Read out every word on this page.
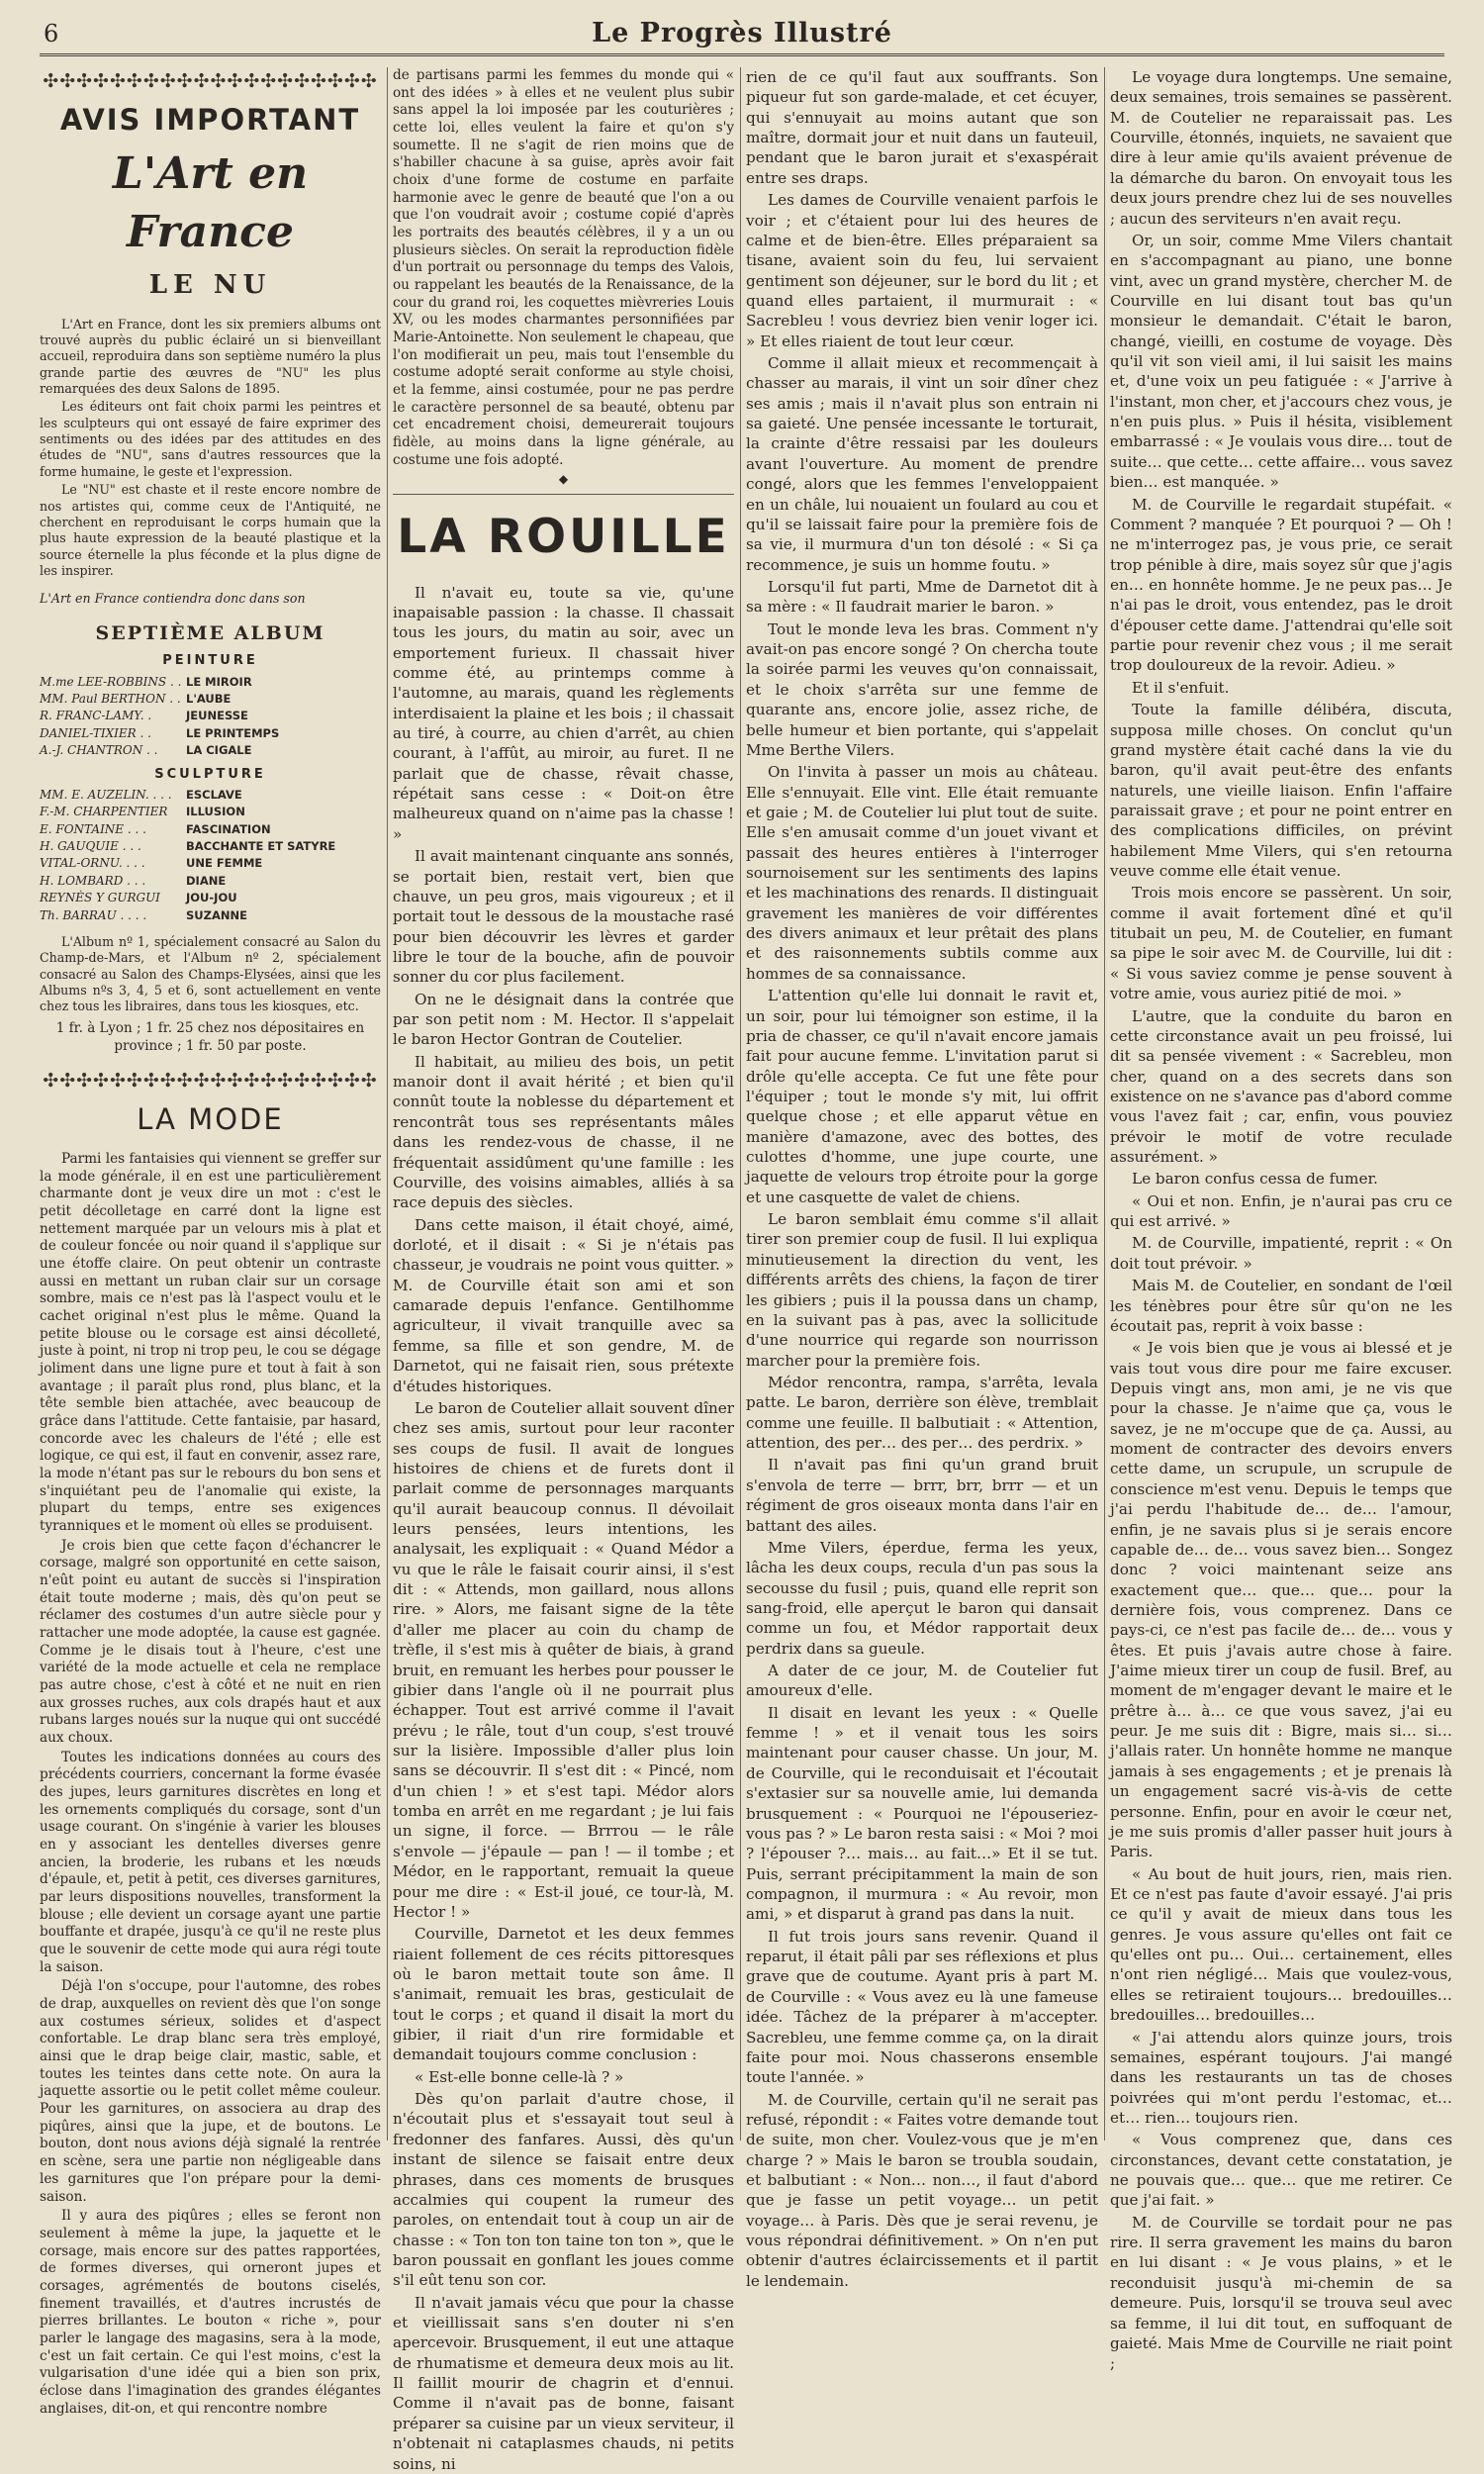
6	Le Progrès Illustré
✣✣✣✣✣✣✣✣✣✣✣✣✣✣✣✣✣✣✣✣
AVIS IMPORTANT
L'Art en France
LE NU

L'Art en France, dont les six premiers albums ont trouvé auprès du public éclairé un si bienveillant accueil, reproduira dans son septième numéro la plus grande partie des œuvres de "NU" les plus remarquées des deux Salons de 1895.

Les éditeurs ont fait choix parmi les peintres et les sculpteurs qui ont essayé de faire exprimer des sentiments ou des idées par des attitudes en des études de "NU", sans d'autres ressources que la forme humaine, le geste et l'expression.

Le "NU" est chaste et il reste encore nombre de nos artistes qui, comme ceux de l'Antiquité, ne cherchent en reproduisant le corps humain que la plus haute expression de la beauté plastique et la source éternelle la plus féconde et la plus digne de les inspirer.

L'Art en France contiendra donc dans son
SEPTIÈME ALBUM
PEINTURE
M.me LEE-ROBBINS . . LE MIROIR
MM. Paul BERTHON . . L'AUBE
R. FRANC-LAMY. .	JEUNESSE
DANIEL-TIXIER . .	LE PRINTEMPS
A.-J. CHANTRON . .	LA CIGALE
SCULPTURE
MM. E. AUZELIN. . . .	ESCLAVE
F.-M. CHARPENTIER	ILLUSION
E. FONTAINE . . .	FASCINATION
H. GAUQUIE . . .	BACCHANTE ET SATYRE
VITAL-ORNU. . . .	UNE FEMME
H. LOMBARD . . .	DIANE
REYNÈS Y GURGUI	JOU-JOU
Th. BARRAU . . . .	SUZANNE

L'Album nº 1, spécialement consacré au Salon du Champ-de-Mars, et l'Album nº 2, spécialement consacré au Salon des Champs-Elysées, ainsi que les Albums nºs 3, 4, 5 et 6, sont actuellement en vente chez tous les libraires, dans tous les kiosques, etc.

1 fr. à Lyon ; 1 fr. 25 chez nos dépositaires en province ; 1 fr. 50 par poste.
✣✣✣✣✣✣✣✣✣✣✣✣✣✣✣✣✣✣✣✣
LA MODE

Parmi les fantaisies qui viennent se greffer sur la mode générale, il en est une particulièrement charmante dont je veux dire un mot : c'est le petit décolletage en carré dont la ligne est nettement marquée par un velours mis à plat et de couleur foncée ou noir quand il s'applique sur une étoffe claire. On peut obtenir un contraste aussi en mettant un ruban clair sur un corsage sombre, mais ce n'est pas là l'aspect voulu et le cachet original n'est plus le même. Quand la petite blouse ou le corsage est ainsi décolleté, juste à point, ni trop ni trop peu, le cou se dégage joliment dans une ligne pure et tout à fait à son avantage ; il paraît plus rond, plus blanc, et la tête semble bien attachée, avec beaucoup de grâce dans l'attitude. Cette fantaisie, par hasard, concorde avec les chaleurs de l'été ; elle est logique, ce qui est, il faut en convenir, assez rare, la mode n'étant pas sur le rebours du bon sens et s'inquiétant peu de l'anomalie qui existe, la plupart du temps, entre ses exigences tyranniques et le moment où elles se produisent.

Je crois bien que cette façon d'échancrer le corsage, malgré son opportunité en cette saison, n'eût point eu autant de succès si l'inspiration était toute moderne ; mais, dès qu'on peut se réclamer des costumes d'un autre siècle pour y rattacher une mode adoptée, la cause est gagnée. Comme je le disais tout à l'heure, c'est une variété de la mode actuelle et cela ne remplace pas autre chose, c'est à côté et ne nuit en rien aux grosses ruches, aux cols drapés haut et aux rubans larges noués sur la nuque qui ont succédé aux choux.

Toutes les indications données au cours des précédents courriers, concernant la forme évasée des jupes, leurs garnitures discrètes en long et les ornements compliqués du corsage, sont d'un usage courant. On s'ingénie à varier les blouses en y associant les dentelles diverses genre ancien, la broderie, les rubans et les nœuds d'épaule, et, petit à petit, ces diverses garnitures, par leurs dispositions nouvelles, transforment la blouse ; elle devient un corsage ayant une partie bouffante et drapée, jusqu'à ce qu'il ne reste plus que le souvenir de cette mode qui aura régi toute la saison.

Déjà l'on s'occupe, pour l'automne, des robes de drap, auxquelles on revient dès que l'on songe aux costumes sérieux, solides et d'aspect confortable. Le drap blanc sera très employé, ainsi que le drap beige clair, mastic, sable, et toutes les teintes dans cette note. On aura la jaquette assortie ou le petit collet même couleur. Pour les garnitures, on associera au drap des piqûres, ainsi que la jupe, et de boutons. Le bouton, dont nous avions déjà signalé la rentrée en scène, sera une partie non négligeable dans les garnitures que l'on prépare pour la demi-saison.

Il y aura des piqûres ; elles se feront non seulement à même la jupe, la jaquette et le corsage, mais encore sur des pattes rapportées, de formes diverses, qui orneront jupes et corsages, agrémentés de boutons ciselés, finement travaillés, et d'autres incrustés de pierres brillantes. Le bouton « riche », pour parler le langage des magasins, sera à la mode, c'est un fait certain. Ce qui l'est moins, c'est la vulgarisation d'une idée qui a bien son prix, éclose dans l'imagination des grandes élégantes anglaises, dit-on, et qui rencontre nombre

de partisans parmi les femmes du monde qui « ont des idées » à elles et ne veulent plus subir sans appel la loi imposée par les couturières ; cette loi, elles veulent la faire et qu'on s'y soumette. Il ne s'agit de rien moins que de s'habiller chacune à sa guise, après avoir fait choix d'une forme de costume en parfaite harmonie avec le genre de beauté que l'on a ou que l'on voudrait avoir ; costume copié d'après les portraits des beautés célèbres, il y a un ou plusieurs siècles. On serait la reproduction fidèle d'un portrait ou personnage du temps des Valois, ou rappelant les beautés de la Renaissance, de la cour du grand roi, les coquettes mièvreries Louis XV, ou les modes charmantes personnifiées par Marie-Antoinette. Non seulement le chapeau, que l'on modifierait un peu, mais tout l'ensemble du costume adopté serait conforme au style choisi, et la femme, ainsi costumée, pour ne pas perdre le caractère personnel de sa beauté, obtenu par cet encadrement choisi, demeurerait toujours fidèle, au moins dans la ligne générale, au costume une fois adopté.

◆
LA ROUILLE

Il n'avait eu, toute sa vie, qu'une inapaisable passion : la chasse. Il chassait tous les jours, du matin au soir, avec un emportement furieux. Il chassait hiver comme été, au printemps comme à l'automne, au marais, quand les règlements interdisaient la plaine et les bois ; il chassait au tiré, à courre, au chien d'arrêt, au chien courant, à l'affût, au miroir, au furet. Il ne parlait que de chasse, rêvait chasse, répétait sans cesse : « Doit-on être malheureux quand on n'aime pas la chasse ! »

Il avait maintenant cinquante ans sonnés, se portait bien, restait vert, bien que chauve, un peu gros, mais vigoureux ; et il portait tout le dessous de la moustache rasé pour bien découvrir les lèvres et garder libre le tour de la bouche, afin de pouvoir sonner du cor plus facilement.

On ne le désignait dans la contrée que par son petit nom : M. Hector. Il s'appelait le baron Hector Gontran de Coutelier.

Il habitait, au milieu des bois, un petit manoir dont il avait hérité ; et bien qu'il connût toute la noblesse du département et rencontrât tous ses représentants mâles dans les rendez-vous de chasse, il ne fréquentait assidûment qu'une famille : les Courville, des voisins aimables, alliés à sa race depuis des siècles.

Dans cette maison, il était choyé, aimé, dorloté, et il disait : « Si je n'étais pas chasseur, je voudrais ne point vous quitter. » M. de Courville était son ami et son camarade depuis l'enfance. Gentilhomme agriculteur, il vivait tranquille avec sa femme, sa fille et son gendre, M. de Darnetot, qui ne faisait rien, sous prétexte d'études historiques.

Le baron de Coutelier allait souvent dîner chez ses amis, surtout pour leur raconter ses coups de fusil. Il avait de longues histoires de chiens et de furets dont il parlait comme de personnages marquants qu'il aurait beaucoup connus. Il dévoilait leurs pensées, leurs intentions, les analysait, les expliquait : « Quand Médor a vu que le râle le faisait courir ainsi, il s'est dit : « Attends, mon gaillard, nous allons rire. » Alors, me faisant signe de la tête d'aller me placer au coin du champ de trèfle, il s'est mis à quêter de biais, à grand bruit, en remuant les herbes pour pousser le gibier dans l'angle où il ne pourrait plus échapper. Tout est arrivé comme il l'avait prévu ; le râle, tout d'un coup, s'est trouvé sur la lisière. Impossible d'aller plus loin sans se découvrir. Il s'est dit : « Pincé, nom d'un chien ! » et s'est tapi. Médor alors tomba en arrêt en me regardant ; je lui fais un signe, il force. — Brrrou — le râle s'envole — j'épaule — pan ! — il tombe ; et Médor, en le rapportant, remuait la queue pour me dire : « Est-il joué, ce tour-là, M. Hector ! »

Courville, Darnetot et les deux femmes riaient follement de ces récits pittoresques où le baron mettait toute son âme. Il s'animait, remuait les bras, gesticulait de tout le corps ; et quand il disait la mort du gibier, il riait d'un rire formidable et demandait toujours comme conclusion :

« Est-elle bonne celle-là ? »

Dès qu'on parlait d'autre chose, il n'écoutait plus et s'essayait tout seul à fredonner des fanfares. Aussi, dès qu'un instant de silence se faisait entre deux phrases, dans ces moments de brusques accalmies qui coupent la rumeur des paroles, on entendait tout à coup un air de chasse : « Ton ton ton taine ton ton », que le baron poussait en gonflant les joues comme s'il eût tenu son cor.

Il n'avait jamais vécu que pour la chasse et vieillissait sans s'en douter ni s'en apercevoir. Brusquement, il eut une attaque de rhumatisme et demeura deux mois au lit. Il faillit mourir de chagrin et d'ennui. Comme il n'avait pas de bonne, faisant préparer sa cuisine par un vieux serviteur, il n'obtenait ni cataplasmes chauds, ni petits soins, ni

rien de ce qu'il faut aux souffrants. Son piqueur fut son garde-malade, et cet écuyer, qui s'ennuyait au moins autant que son maître, dormait jour et nuit dans un fauteuil, pendant que le baron jurait et s'exaspérait entre ses draps.

Les dames de Courville venaient parfois le voir ; et c'étaient pour lui des heures de calme et de bien-être. Elles préparaient sa tisane, avaient soin du feu, lui servaient gentiment son déjeuner, sur le bord du lit ; et quand elles partaient, il murmurait : « Sacrebleu ! vous devriez bien venir loger ici. » Et elles riaient de tout leur cœur.

Comme il allait mieux et recommençait à chasser au marais, il vint un soir dîner chez ses amis ; mais il n'avait plus son entrain ni sa gaieté. Une pensée incessante le torturait, la crainte d'être ressaisi par les douleurs avant l'ouverture. Au moment de prendre congé, alors que les femmes l'enveloppaient en un châle, lui nouaient un foulard au cou et qu'il se laissait faire pour la première fois de sa vie, il murmura d'un ton désolé : « Si ça recommence, je suis un homme foutu. »

Lorsqu'il fut parti, Mme de Darnetot dit à sa mère : « Il faudrait marier le baron. »

Tout le monde leva les bras. Comment n'y avait-on pas encore songé ? On chercha toute la soirée parmi les veuves qu'on connaissait, et le choix s'arrêta sur une femme de quarante ans, encore jolie, assez riche, de belle humeur et bien portante, qui s'appelait Mme Berthe Vilers.

On l'invita à passer un mois au château. Elle s'ennuyait. Elle vint. Elle était remuante et gaie ; M. de Coutelier lui plut tout de suite. Elle s'en amusait comme d'un jouet vivant et passait des heures entières à l'interroger sournoisement sur les sentiments des lapins et les machinations des renards. Il distinguait gravement les manières de voir différentes des divers animaux et leur prêtait des plans et des raisonnements subtils comme aux hommes de sa connaissance.

L'attention qu'elle lui donnait le ravit et, un soir, pour lui témoigner son estime, il la pria de chasser, ce qu'il n'avait encore jamais fait pour aucune femme. L'invitation parut si drôle qu'elle accepta. Ce fut une fête pour l'équiper ; tout le monde s'y mit, lui offrit quelque chose ; et elle apparut vêtue en manière d'amazone, avec des bottes, des culottes d'homme, une jupe courte, une jaquette de velours trop étroite pour la gorge et une casquette de valet de chiens.

Le baron semblait ému comme s'il allait tirer son premier coup de fusil. Il lui expliqua minutieusement la direction du vent, les différents arrêts des chiens, la façon de tirer les gibiers ; puis il la poussa dans un champ, en la suivant pas à pas, avec la sollicitude d'une nourrice qui regarde son nourrisson marcher pour la première fois.

Médor rencontra, rampa, s'arrêta, levala patte. Le baron, derrière son élève, tremblait comme une feuille. Il balbutiait : « Attention, attention, des per… des per… des perdrix. »

Il n'avait pas fini qu'un grand bruit s'envola de terre — brrr, brr, brrr — et un régiment de gros oiseaux monta dans l'air en battant des ailes.

Mme Vilers, éperdue, ferma les yeux, lâcha les deux coups, recula d'un pas sous la secousse du fusil ; puis, quand elle reprit son sang-froid, elle aperçut le baron qui dansait comme un fou, et Médor rapportait deux perdrix dans sa gueule.

A dater de ce jour, M. de Coutelier fut amoureux d'elle.

Il disait en levant les yeux : « Quelle femme ! » et il venait tous les soirs maintenant pour causer chasse. Un jour, M. de Courville, qui le reconduisait et l'écoutait s'extasier sur sa nouvelle amie, lui demanda brusquement : « Pourquoi ne l'épouseriez-vous pas ? » Le baron resta saisi : « Moi ? moi ? l'épouser ?… mais… au fait…» Et il se tut. Puis, serrant précipitamment la main de son compagnon, il murmura : « Au revoir, mon ami, » et disparut à grand pas dans la nuit.

Il fut trois jours sans revenir. Quand il reparut, il était pâli par ses réflexions et plus grave que de coutume. Ayant pris à part M. de Courville : « Vous avez eu là une fameuse idée. Tâchez de la préparer à m'accepter. Sacrebleu, une femme comme ça, on la dirait faite pour moi. Nous chasserons ensemble toute l'année. »

M. de Courville, certain qu'il ne serait pas refusé, répondit : « Faites votre demande tout de suite, mon cher. Voulez-vous que je m'en charge ? » Mais le baron se troubla soudain, et balbutiant : « Non… non…, il faut d'abord que je fasse un petit voyage… un petit voyage… à Paris. Dès que je serai revenu, je vous répondrai définitivement. » On n'en put obtenir d'autres éclaircissements et il partit le lendemain.

Le voyage dura longtemps. Une semaine, deux semaines, trois semaines se passèrent. M. de Coutelier ne reparaissait pas. Les Courville, étonnés, inquiets, ne savaient que dire à leur amie qu'ils avaient prévenue de la démarche du baron. On envoyait tous les deux jours prendre chez lui de ses nouvelles ; aucun des serviteurs n'en avait reçu.

Or, un soir, comme Mme Vilers chantait en s'accompagnant au piano, une bonne vint, avec un grand mystère, chercher M. de Courville en lui disant tout bas qu'un monsieur le demandait. C'était le baron, changé, vieilli, en costume de voyage. Dès qu'il vit son vieil ami, il lui saisit les mains et, d'une voix un peu fatiguée : « J'arrive à l'instant, mon cher, et j'accours chez vous, je n'en puis plus. » Puis il hésita, visiblement embarrassé : « Je voulais vous dire… tout de suite… que cette… cette affaire… vous savez bien… est manquée. »

M. de Courville le regardait stupéfait. « Comment ? manquée ? Et pourquoi ? — Oh ! ne m'interrogez pas, je vous prie, ce serait trop pénible à dire, mais soyez sûr que j'agis en… en honnête homme. Je ne peux pas… Je n'ai pas le droit, vous entendez, pas le droit d'épouser cette dame. J'attendrai qu'elle soit partie pour revenir chez vous ; il me serait trop douloureux de la revoir. Adieu. »

Et il s'enfuit.

Toute la famille délibéra, discuta, supposa mille choses. On conclut qu'un grand mystère était caché dans la vie du baron, qu'il avait peut-être des enfants naturels, une vieille liaison. Enfin l'affaire paraissait grave ; et pour ne point entrer en des complications difficiles, on prévint habilement Mme Vilers, qui s'en retourna veuve comme elle était venue.

Trois mois encore se passèrent. Un soir, comme il avait fortement dîné et qu'il titubait un peu, M. de Coutelier, en fumant sa pipe le soir avec M. de Courville, lui dit : « Si vous saviez comme je pense souvent à votre amie, vous auriez pitié de moi. »

L'autre, que la conduite du baron en cette circonstance avait un peu froissé, lui dit sa pensée vivement : « Sacrebleu, mon cher, quand on a des secrets dans son existence on ne s'avance pas d'abord comme vous l'avez fait ; car, enfin, vous pouviez prévoir le motif de votre reculade assurément. »

Le baron confus cessa de fumer.

« Oui et non. Enfin, je n'aurai pas cru ce qui est arrivé. »

M. de Courville, impatienté, reprit : « On doit tout prévoir. »

Mais M. de Coutelier, en sondant de l'œil les ténèbres pour être sûr qu'on ne les écoutait pas, reprit à voix basse :

« Je vois bien que je vous ai blessé et je vais tout vous dire pour me faire excuser. Depuis vingt ans, mon ami, je ne vis que pour la chasse. Je n'aime que ça, vous le savez, je ne m'occupe que de ça. Aussi, au moment de contracter des devoirs envers cette dame, un scrupule, un scrupule de conscience m'est venu. Depuis le temps que j'ai perdu l'habitude de… de… l'amour, enfin, je ne savais plus si je serais encore capable de… de… vous savez bien… Songez donc ? voici maintenant seize ans exactement que… que… que… pour la dernière fois, vous comprenez. Dans ce pays-ci, ce n'est pas facile de… de… vous y êtes. Et puis j'avais autre chose à faire. J'aime mieux tirer un coup de fusil. Bref, au moment de m'engager devant le maire et le prêtre à… à… ce que vous savez, j'ai eu peur. Je me suis dit : Bigre, mais si… si… j'allais rater. Un honnête homme ne manque jamais à ses engagements ; et je prenais là un engagement sacré vis-à-vis de cette personne. Enfin, pour en avoir le cœur net, je me suis promis d'aller passer huit jours à Paris.

« Au bout de huit jours, rien, mais rien. Et ce n'est pas faute d'avoir essayé. J'ai pris ce qu'il y avait de mieux dans tous les genres. Je vous assure qu'elles ont fait ce qu'elles ont pu… Oui… certainement, elles n'ont rien négligé… Mais que voulez-vous, elles se retiraient toujours… bredouilles… bredouilles… bredouilles…

« J'ai attendu alors quinze jours, trois semaines, espérant toujours. J'ai mangé dans les restaurants un tas de choses poivrées qui m'ont perdu l'estomac, et… et… rien… toujours rien.

« Vous comprenez que, dans ces circonstances, devant cette constatation, je ne pouvais que… que… que me retirer. Ce que j'ai fait. »

M. de Courville se tordait pour ne pas rire. Il serra gravement les mains du baron en lui disant : « Je vous plains, » et le reconduisit jusqu'à mi-chemin de sa demeure. Puis, lorsqu'il se trouva seul avec sa femme, il lui dit tout, en suffoquant de gaieté. Mais Mme de Courville ne riait point ;
